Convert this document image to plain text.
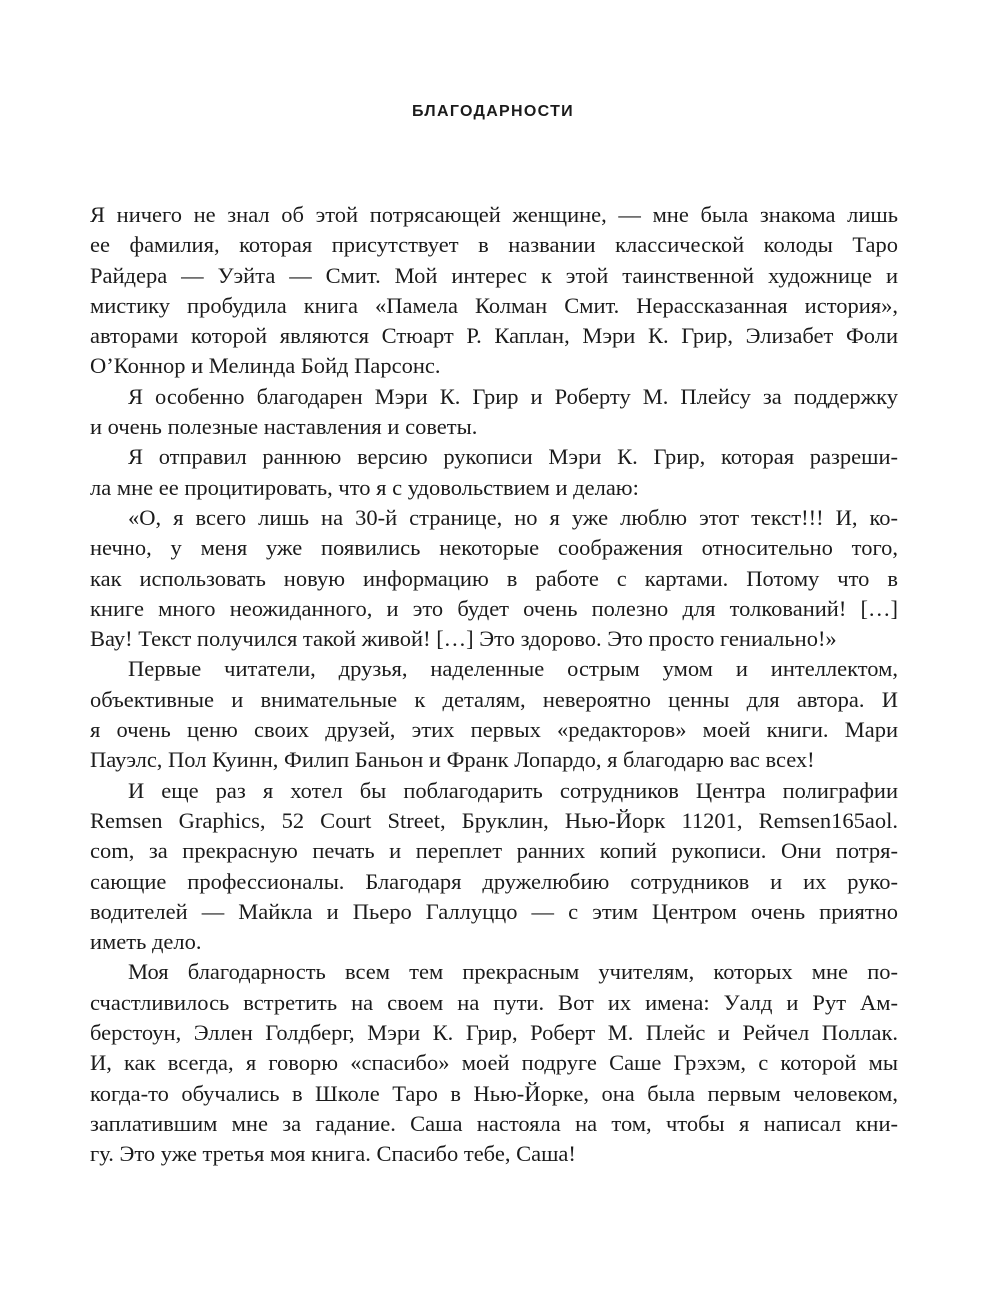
БЛАГОДАРНОСТИ
Я ничего не знал об этой потрясающей женщине, — мне была знакома лишь
ее фамилия, которая присутствует в названии классической колоды Таро
Райдера — Уэйта — Смит. Мой интерес к этой таинственной художнице и
мистику пробудила книга «Памела Колман Смит. Нерассказанная история»,
авторами которой являются Стюарт Р. Каплан, Мэри К. Грир, Элизабет Фоли
О’Коннор и Мелинда Бойд Парсонс.
Я особенно благодарен Мэри К. Грир и Роберту М. Плейсу за поддержку
и очень полезные наставления и советы.
Я отправил раннюю версию рукописи Мэри К. Грир, которая разреши-
ла мне ее процитировать, что я с удовольствием и делаю:
«О, я всего лишь на 30-й странице, но я уже люблю этот текст!!! И, ко-
нечно, у меня уже появились некоторые соображения относительно того,
как использовать новую информацию в работе с картами. Потому что в
книге много неожиданного, и это будет очень полезно для толкований! […]
Вау! Текст получился такой живой! […] Это здорово. Это просто гениально!»
Первые читатели, друзья, наделенные острым умом и интеллектом,
объективные и внимательные к деталям, невероятно ценны для автора. И
я очень ценю своих друзей, этих первых «редакторов» моей книги. Мари
Пауэлс, Пол Куинн, Филип Баньон и Франк Лопардо, я благодарю вас всех!
И еще раз я хотел бы поблагодарить сотрудников Центра полиграфии
Remsen Graphics, 52 Court Street, Бруклин, Нью-Йорк 11201, Remsen165aol.
com, за прекрасную печать и переплет ранних копий рукописи. Они потря-
сающие профессионалы. Благодаря дружелюбию сотрудников и их руко-
водителей — Майкла и Пьеро Галлуццо — с этим Центром очень приятно
иметь дело.
Моя благодарность всем тем прекрасным учителям, которых мне по-
счастливилось встретить на своем на пути. Вот их имена: Уалд и Рут Ам-
берстоун, Эллен Голдберг, Мэри К. Грир, Роберт М. Плейс и Рейчел Поллак.
И, как всегда, я говорю «спасибо» моей подруге Саше Грэхэм, с которой мы
когда-то обучались в Школе Таро в Нью-Йорке, она была первым человеком,
заплатившим мне за гадание. Саша настояла на том, чтобы я написал кни-
гу. Это уже третья моя книга. Спасибо тебе, Саша!
